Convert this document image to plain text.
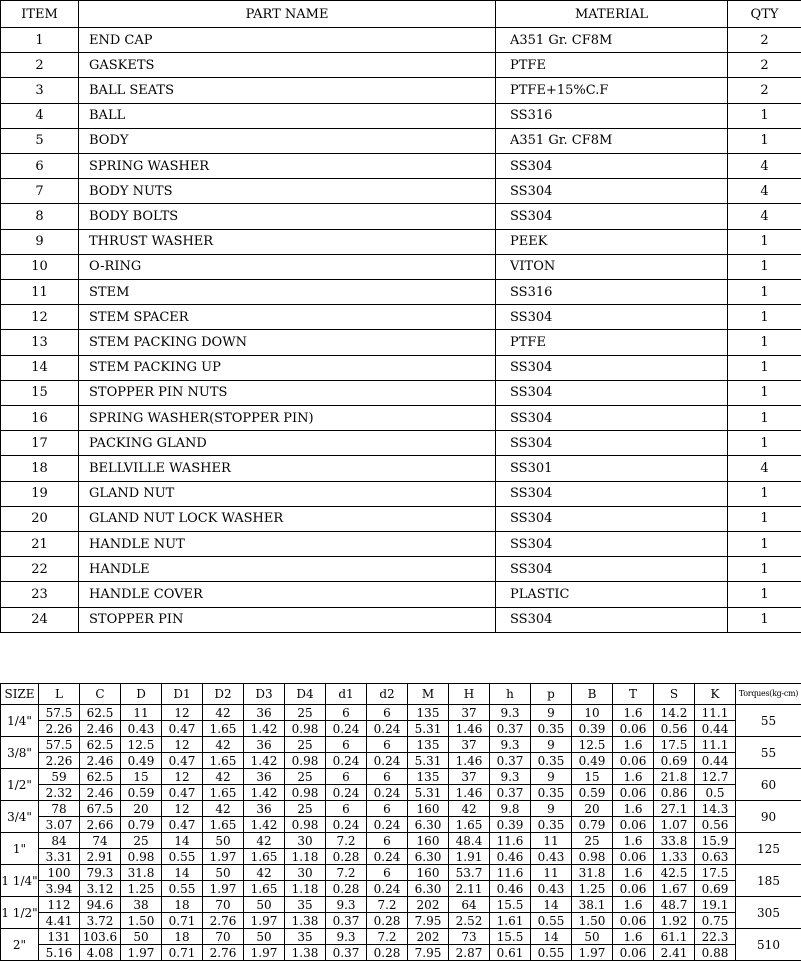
ITEM	PART NAME	MATERIAL	QTY
1	END CAP	A351 Gr. CF8M	2
2	GASKETS	PTFE	2
3	BALL SEATS	PTFE+15%C.F	2
4	BALL	SS316	1
5	BODY	A351 Gr. CF8M	1
6	SPRING WASHER	SS304	4
7	BODY NUTS	SS304	4
8	BODY BOLTS	SS304	4
9	THRUST WASHER	PEEK	1
10	O-RING	VITON	1
11	STEM	SS316	1
12	STEM SPACER	SS304	1
13	STEM PACKING DOWN	PTFE	1
14	STEM PACKING UP	SS304	1
15	STOPPER PIN NUTS	SS304	1
16	SPRING WASHER(STOPPER PIN)	SS304	1
17	PACKING GLAND	SS304	1
18	BELLVILLE WASHER	SS301	4
19	GLAND NUT	SS304	1
20	GLAND NUT LOCK WASHER	SS304	1
21	HANDLE NUT	SS304	1
22	HANDLE	SS304	1
23	HANDLE COVER	PLASTIC	1
24	STOPPER PIN	SS304	1
SIZE	L	C	D	D1	D2	D3	D4	d1	d2	M	H	h	p	B	T	S	K	Torques(kg-cm)
1/4"	57.5	62.5	11	12	42	36	25	6	6	135	37	9.3	9	10	1.6	14.2	11.1	55
	2.26	2.46	0.43	0.47	1.65	1.42	0.98	0.24	0.24	5.31	1.46	0.37	0.35	0.39	0.06	0.56	0.44	
3/8"	57.5	62.5	12.5	12	42	36	25	6	6	135	37	9.3	9	12.5	1.6	17.5	11.1	55
	2.26	2.46	0.49	0.47	1.65	1.42	0.98	0.24	0.24	5.31	1.46	0.37	0.35	0.49	0.06	0.69	0.44	
1/2"	59	62.5	15	12	42	36	25	6	6	135	37	9.3	9	15	1.6	21.8	12.7	60
	2.32	2.46	0.59	0.47	1.65	1.42	0.98	0.24	0.24	5.31	1.46	0.37	0.35	0.59	0.06	0.86	0.5	
3/4"	78	67.5	20	12	42	36	25	6	6	160	42	9.8	9	20	1.6	27.1	14.3	90
	3.07	2.66	0.79	0.47	1.65	1.42	0.98	0.24	0.24	6.30	1.65	0.39	0.35	0.79	0.06	1.07	0.56	
1"	84	74	25	14	50	42	30	7.2	6	160	48.4	11.6	11	25	1.6	33.8	15.9	125
	3.31	2.91	0.98	0.55	1.97	1.65	1.18	0.28	0.24	6.30	1.91	0.46	0.43	0.98	0.06	1.33	0.63	
1 1/4"	100	79.3	31.8	14	50	42	30	7.2	6	160	53.7	11.6	11	31.8	1.6	42.5	17.5	185
	3.94	3.12	1.25	0.55	1.97	1.65	1.18	0.28	0.24	6.30	2.11	0.46	0.43	1.25	0.06	1.67	0.69	
1 1/2"	112	94.6	38	18	70	50	35	9.3	7.2	202	64	15.5	14	38.1	1.6	48.7	19.1	305
	4.41	3.72	1.50	0.71	2.76	1.97	1.38	0.37	0.28	7.95	2.52	1.61	0.55	1.50	0.06	1.92	0.75	
2"	131	103.6	50	18	70	50	35	9.3	7.2	202	73	15.5	14	50	1.6	61.1	22.3	510
	5.16	4.08	1.97	0.71	2.76	1.97	1.38	0.37	0.28	7.95	2.87	0.61	0.55	1.97	0.06	2.41	0.88	
